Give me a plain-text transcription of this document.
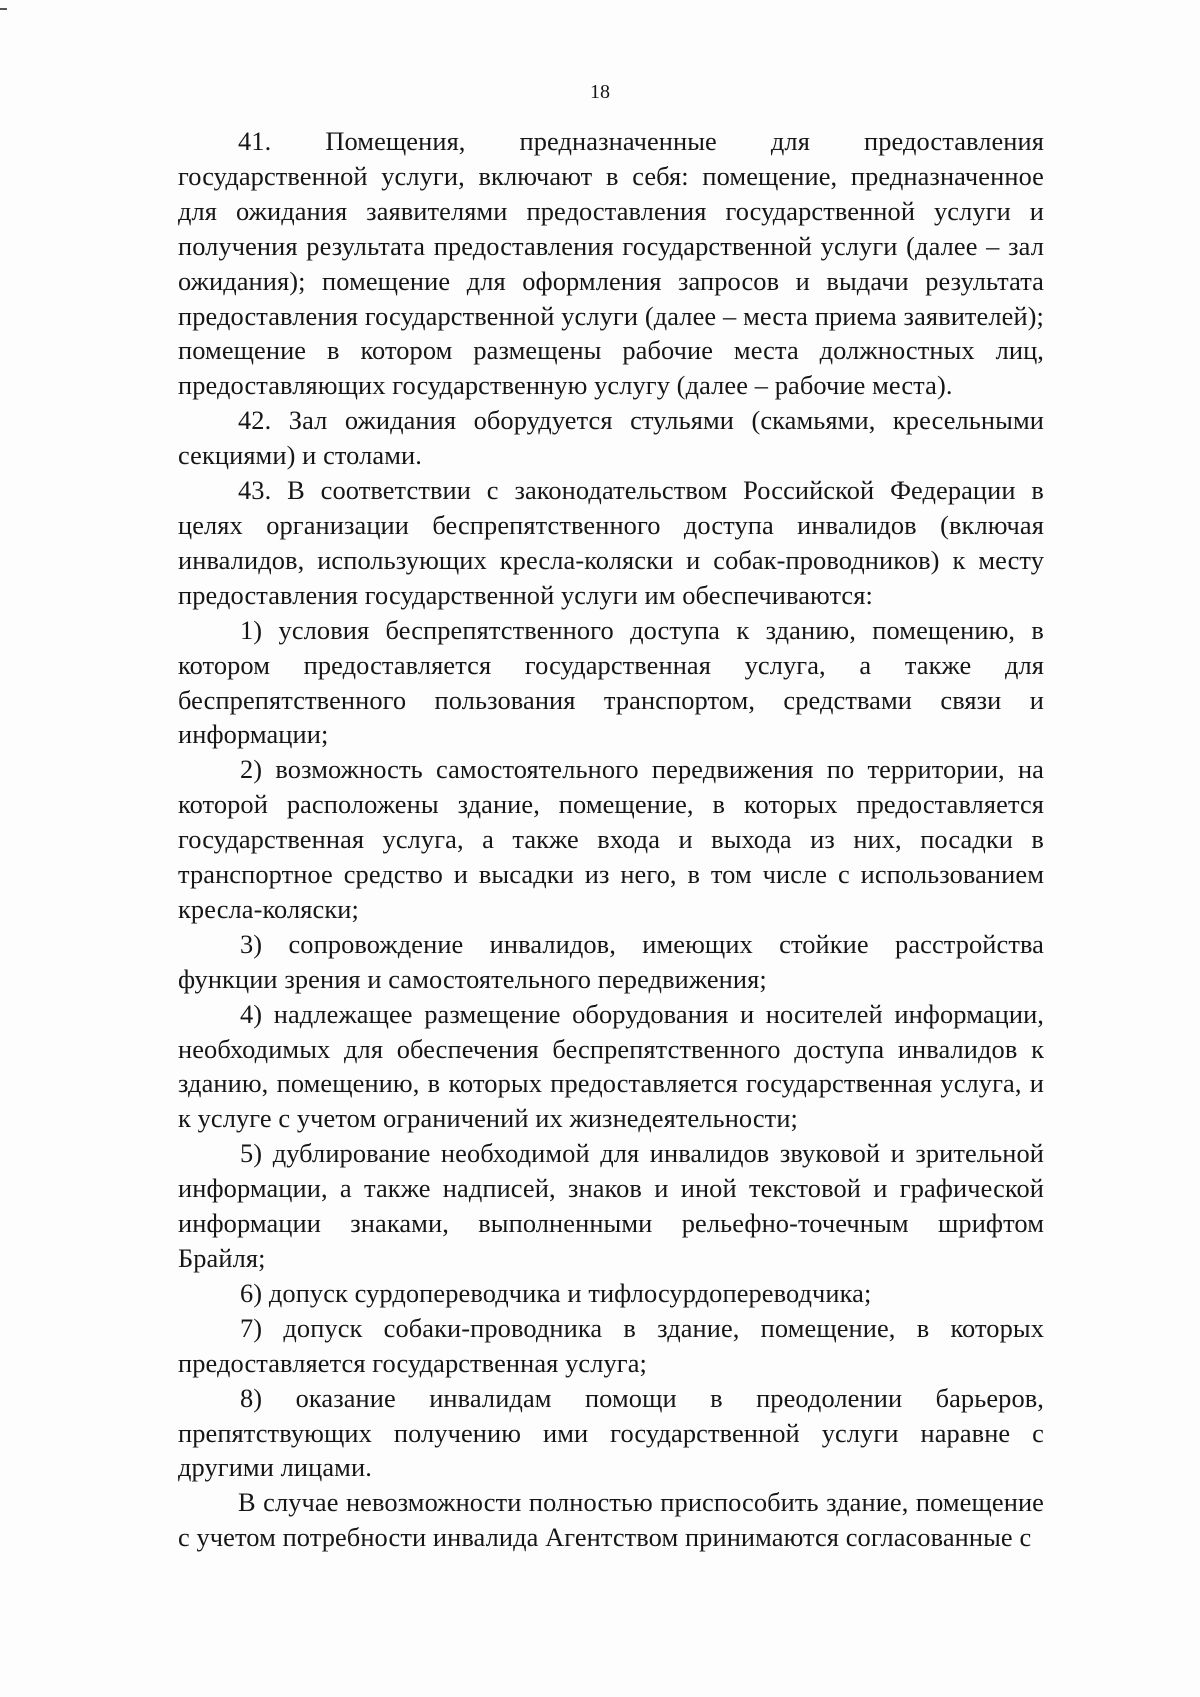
18

41. Помещения, предназначенные для предоставления государственной услуги, включают в себя: помещение, предназначенное для ожидания заявителями предоставления государственной услуги и получения результата предоставления государственной услуги (далее – зал ожидания); помещение для оформления запросов и выдачи результата предоставления государственной услуги (далее – места приема заявителей); помещение в котором размещены рабочие места должностных лиц, предоставляющих государственную услугу (далее – рабочие места).

42. Зал ожидания оборудуется стульями (скамьями, кресельными секциями) и столами.

43. В соответствии с законодательством Российской Федерации в целях организации беспрепятственного доступа инвалидов (включая инвалидов, использующих кресла-коляски и собак-проводников) к месту предоставления государственной услуги им обеспечиваются:

1) условия беспрепятственного доступа к зданию, помещению, в котором предоставляется государственная услуга, а также для беспрепятственного пользования транспортом, средствами связи и информации;

2) возможность самостоятельного передвижения по территории, на которой расположены здание, помещение, в которых предоставляется государственная услуга, а также входа и выхода из них, посадки в транспортное средство и высадки из него, в том числе с использованием кресла-коляски;

3) сопровождение инвалидов, имеющих стойкие расстройства функции зрения и самостоятельного передвижения;

4) надлежащее размещение оборудования и носителей информации, необходимых для обеспечения беспрепятственного доступа инвалидов к зданию, помещению, в которых предоставляется государственная услуга, и к услуге с учетом ограничений их жизнедеятельности;

5) дублирование необходимой для инвалидов звуковой и зрительной информации, а также надписей, знаков и иной текстовой и графической информации знаками, выполненными рельефно-точечным шрифтом Брайля;

6) допуск сурдопереводчика и тифлосурдопереводчика;

7) допуск собаки-проводника в здание, помещение, в которых предоставляется государственная услуга;

8) оказание инвалидам помощи в преодолении барьеров, препятствующих получению ими государственной услуги наравне с другими лицами.

В случае невозможности полностью приспособить здание, помещение с учетом потребности инвалида Агентством принимаются согласованные с
